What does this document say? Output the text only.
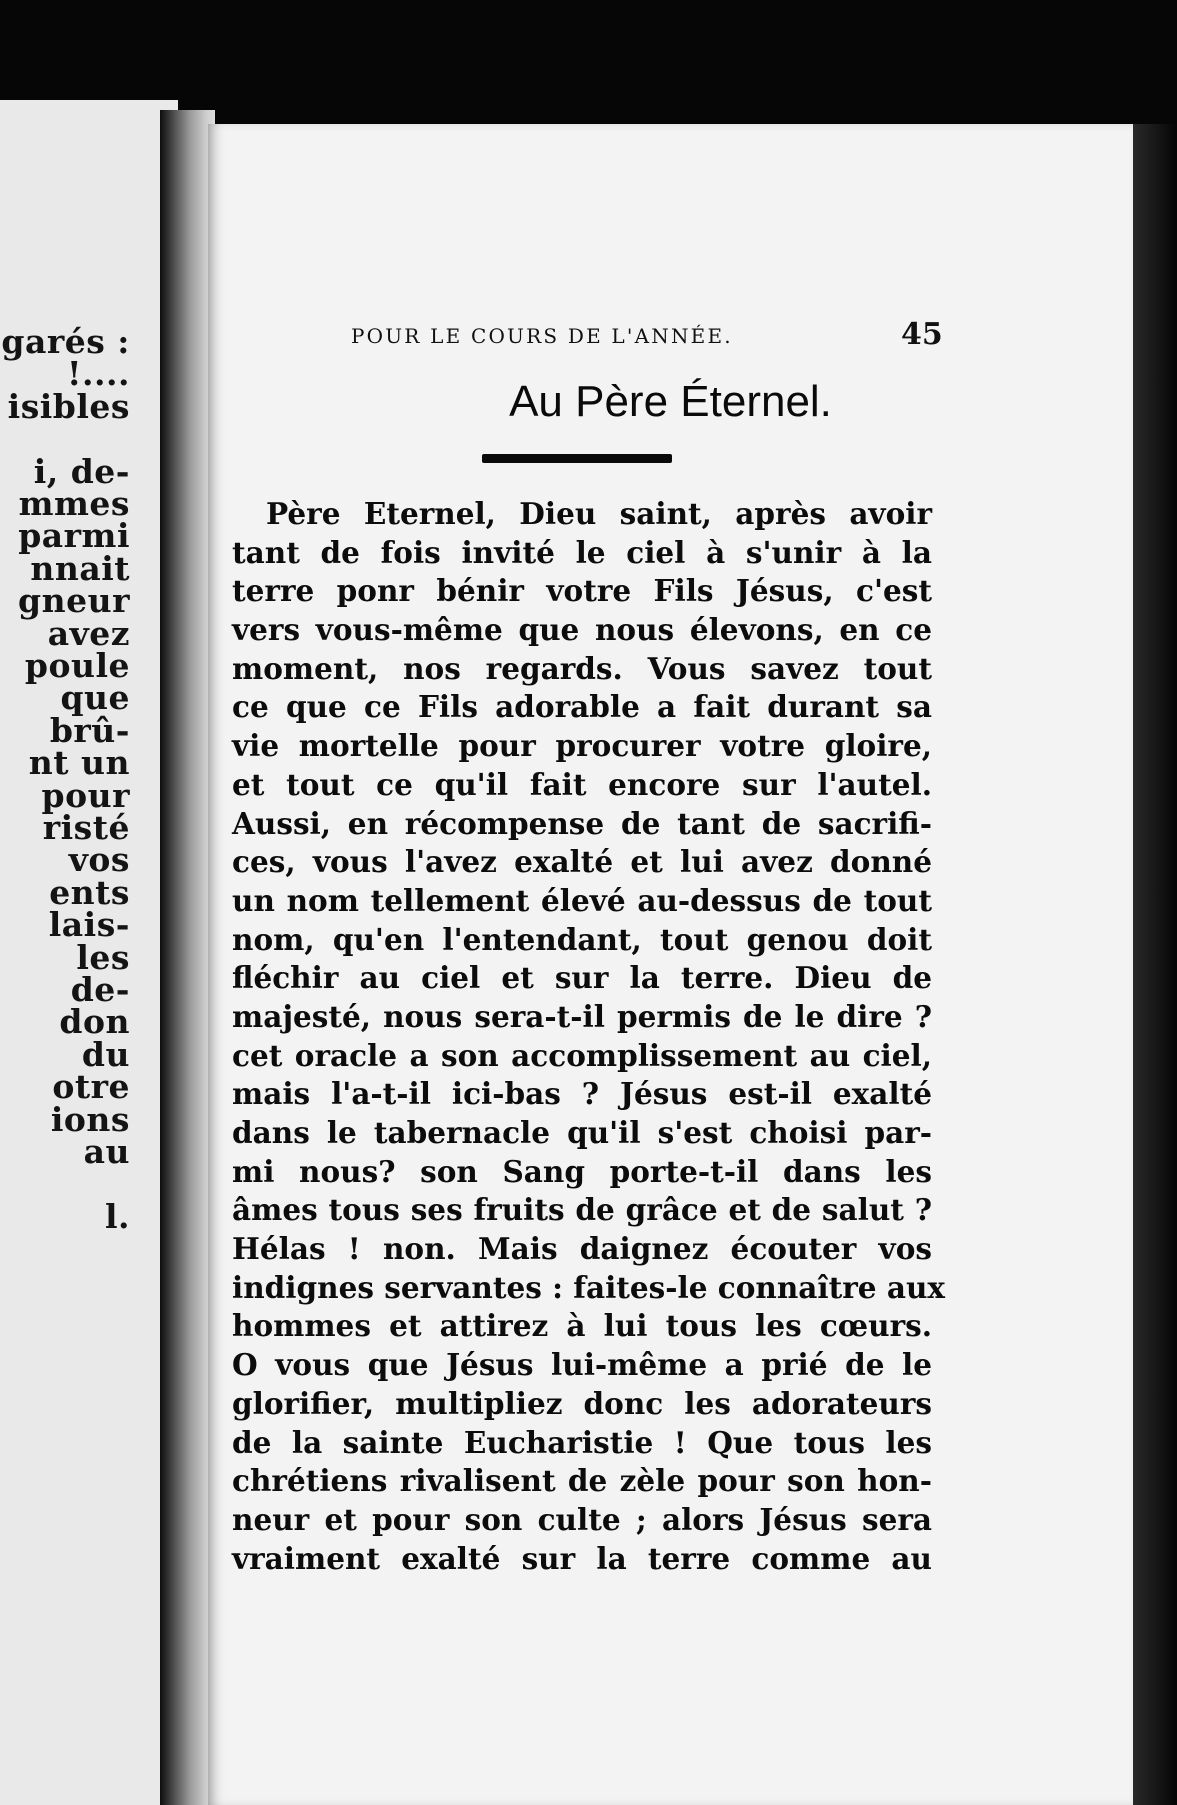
garés :
!....
isibles
i, de-
mmes
parmi
nnait
gneur
avez
poule
que
brû-
nt un
pour
risté
vos
ents
lais-
les
de-
don
du
otre
ions
au
l.
POUR LE COURS DE L'ANNÉE.	45
Au Père Éternel.
Père Eternel, Dieu saint, après avoir
tant de fois invité le ciel à s'unir à la
terre ponr bénir votre Fils Jésus, c'est
vers vous-même que nous élevons, en ce
moment, nos regards. Vous savez tout
ce que ce Fils adorable a fait durant sa
vie mortelle pour procurer votre gloire,
et tout ce qu'il fait encore sur l'autel.
Aussi, en récompense de tant de sacrifi-
ces, vous l'avez exalté et lui avez donné
un nom tellement élevé au-dessus de tout
nom, qu'en l'entendant, tout genou doit
fléchir au ciel et sur la terre. Dieu de
majesté, nous sera-t-il permis de le dire ?
cet oracle a son accomplissement au ciel,
mais l'a-t-il ici-bas ? Jésus est-il exalté
dans le tabernacle qu'il s'est choisi par-
mi nous? son Sang porte-t-il dans les
âmes tous ses fruits de grâce et de salut ?
Hélas ! non. Mais daignez écouter vos
indignes servantes : faites-le connaître aux
hommes et attirez à lui tous les cœurs.
O vous que Jésus lui-même a prié de le
glorifier, multipliez donc les adorateurs
de la sainte Eucharistie ! Que tous les
chrétiens rivalisent de zèle pour son hon-
neur et pour son culte ; alors Jésus sera
vraiment exalté sur la terre comme au
